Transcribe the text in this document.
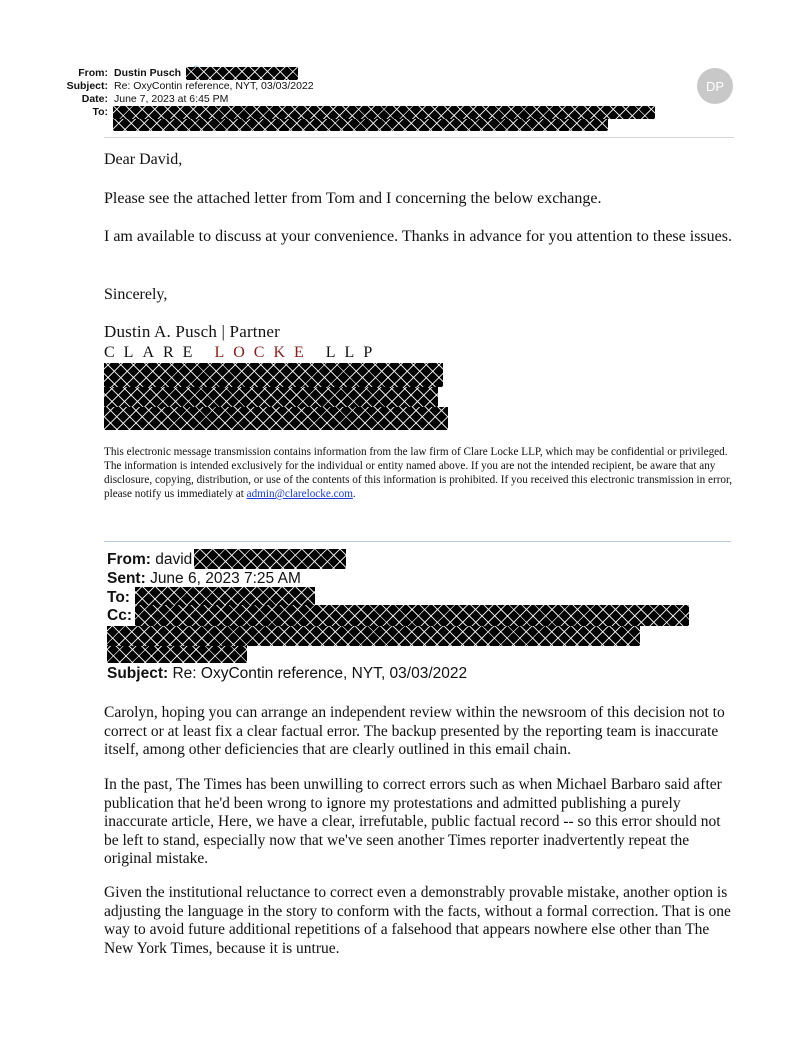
From: Dustin Pusch
Subject: Re: OxyContin reference, NYT, 03/03/2022
Date: June 7, 2023 at 6:45 PM
To:
DP
Dear David,
Please see the attached letter from Tom and I concerning the below exchange.
I am available to discuss at your convenience. Thanks in advance for you attention to these issues.
Sincerely,
Dustin A. Pusch | Partner
CLARE LOCKE LLP
This electronic message transmission contains information from the law firm of Clare Locke LLP, which may be confidential or privileged. The information is intended exclusively for the individual or entity named above. If you are not the intended recipient, be aware that any disclosure, copying, distribution, or use of the contents of this information is prohibited. If you received this electronic transmission in error, please notify us immediately at admin@clarelocke.com.
From: david
Sent: June 6, 2023 7:25 AM
To:
Cc:
Subject: Re: OxyContin reference, NYT, 03/03/2022
Carolyn, hoping you can arrange an independent review within the newsroom of this decision not to correct or at least fix a clear factual error. The backup presented by the reporting team is inaccurate itself, among other deficiencies that are clearly outlined in this email chain.
In the past, The Times has been unwilling to correct errors such as when Michael Barbaro said after publication that he'd been wrong to ignore my protestations and admitted publishing a purely inaccurate article, Here, we have a clear, irrefutable, public factual record -- so this error should not be left to stand, especially now that we've seen another Times reporter inadvertently repeat the original mistake.
Given the institutional reluctance to correct even a demonstrably provable mistake, another option is adjusting the language in the story to conform with the facts, without a formal correction. That is one way to avoid future additional repetitions of a falsehood that appears nowhere else other than The New York Times, because it is untrue.
